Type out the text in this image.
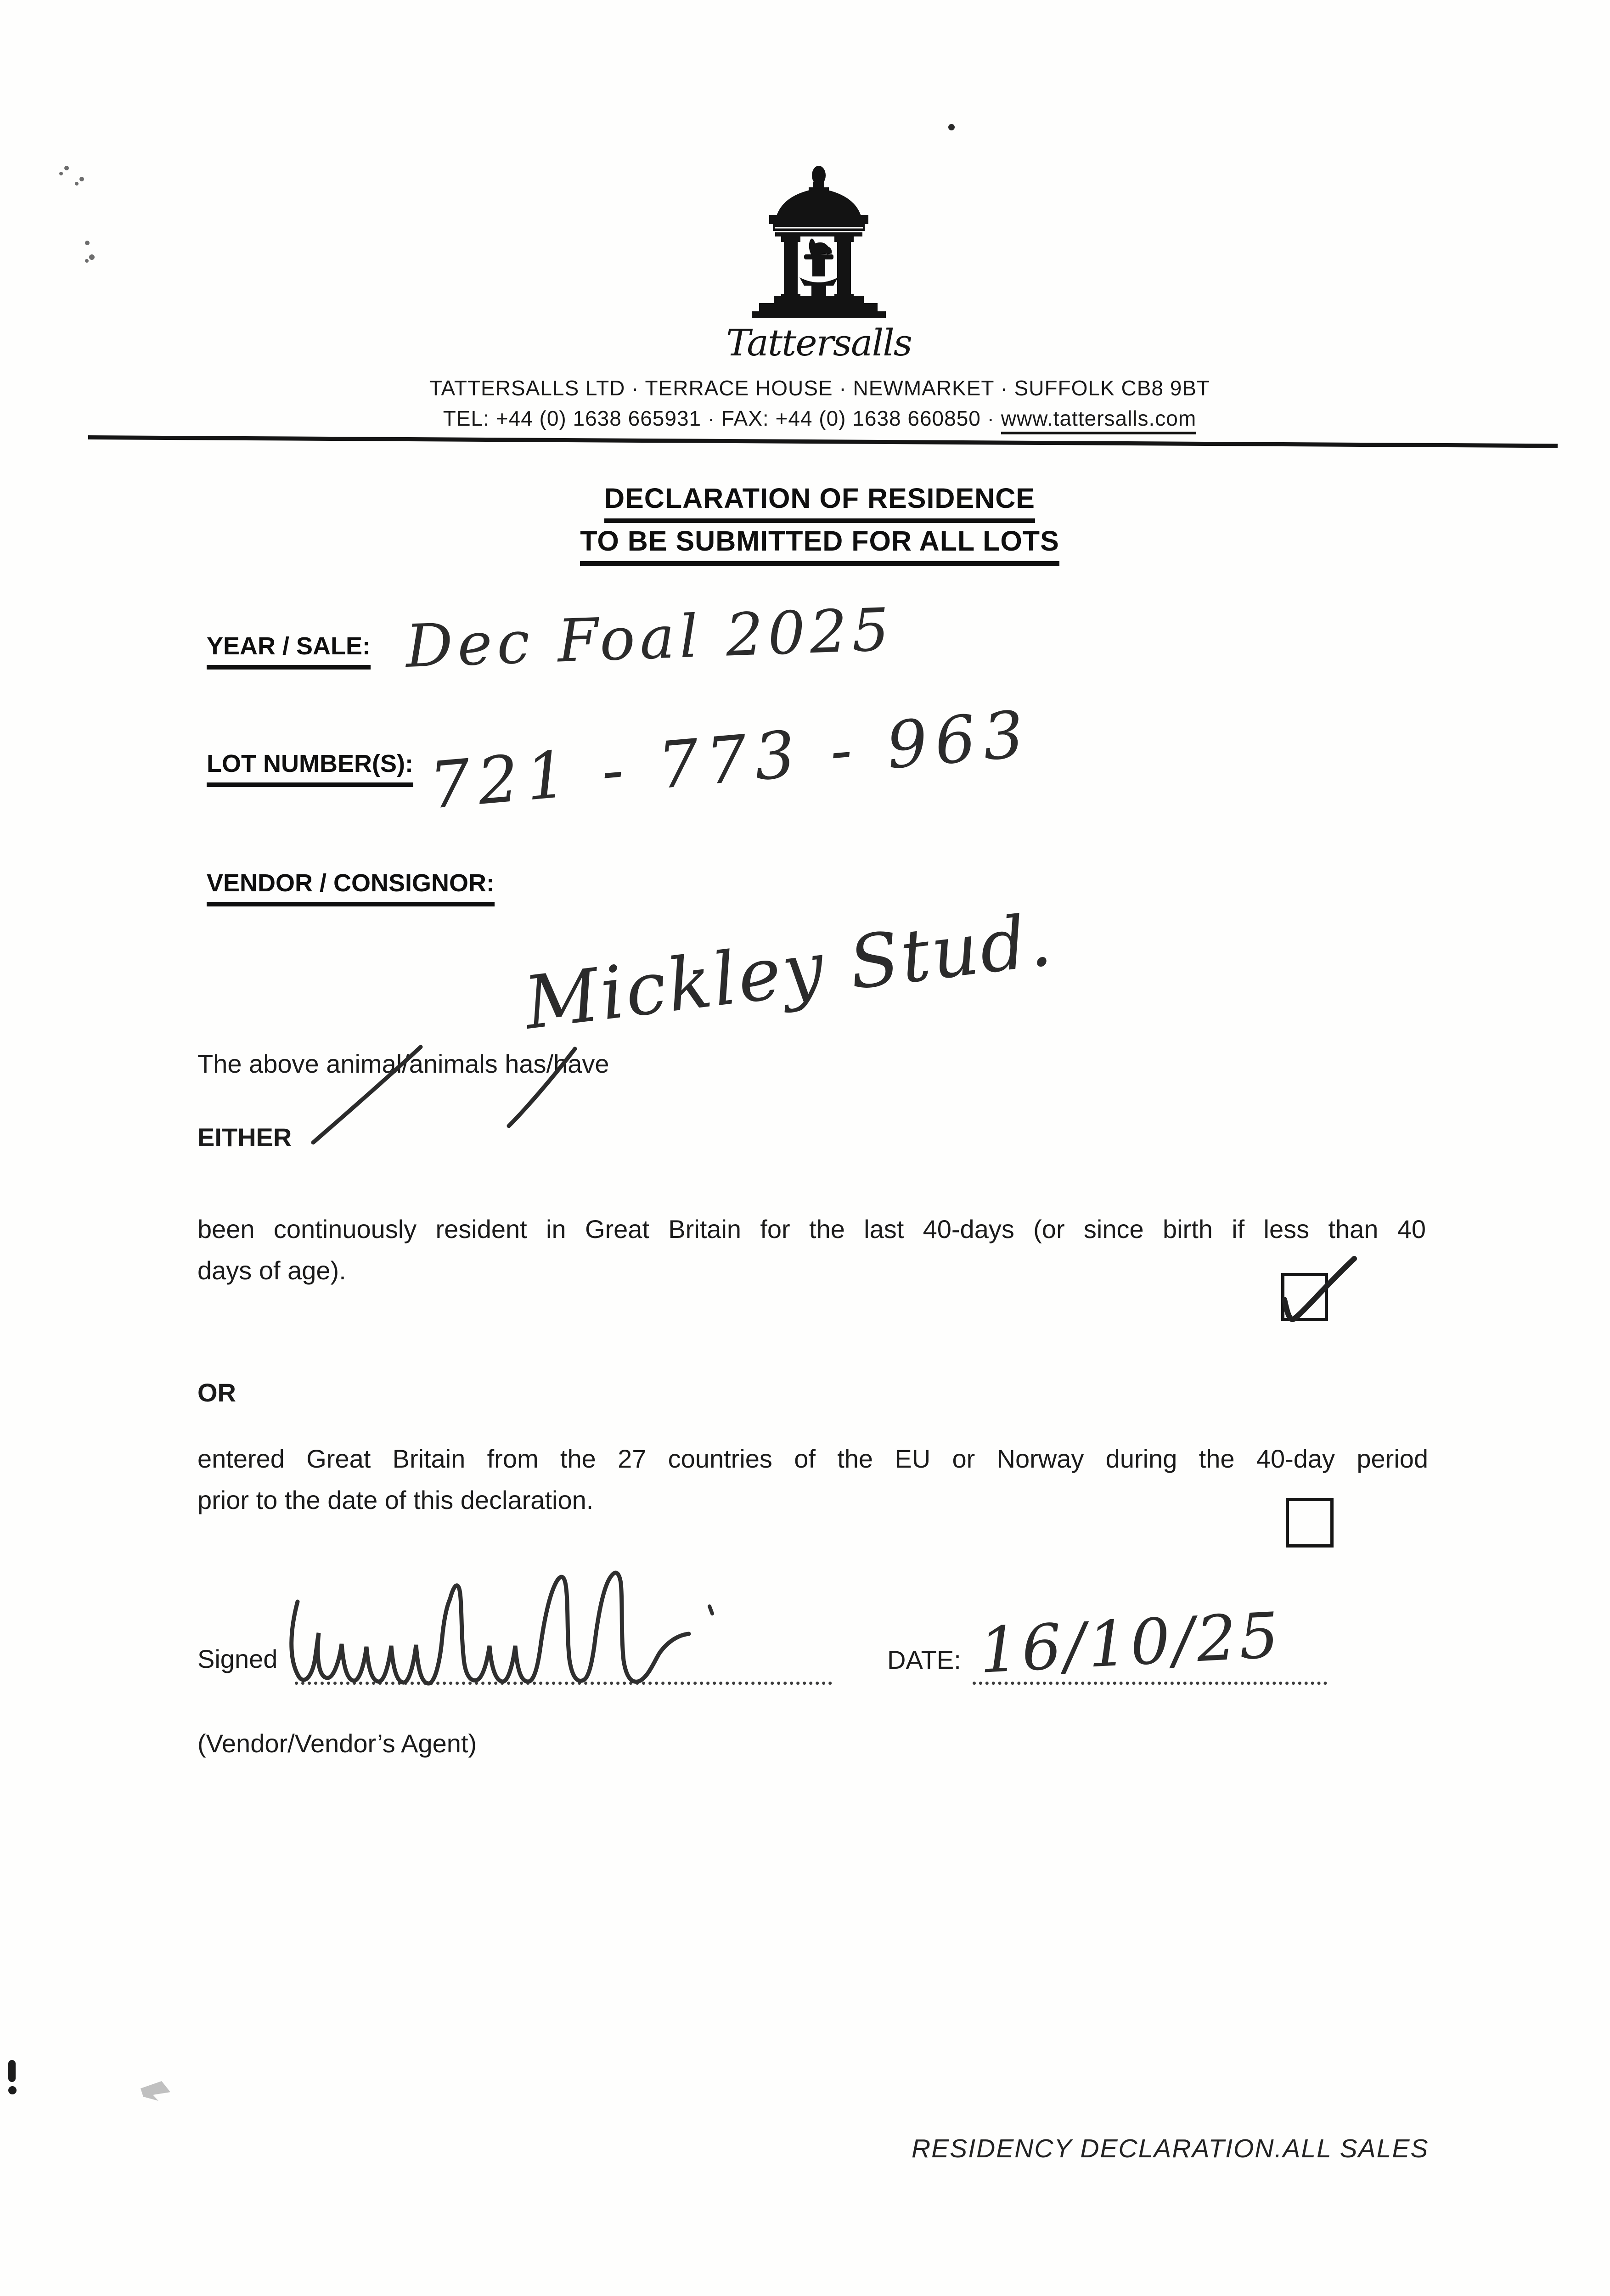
Tattersalls
TATTERSALLS LTD · TERRACE HOUSE · NEWMARKET · SUFFOLK CB8 9BT
TEL: +44 (0) 1638 665931 · FAX: +44 (0) 1638 660850 · www.tattersalls.com
DECLARATION OF RESIDENCE
TO BE SUBMITTED FOR ALL LOTS
YEAR / SALE:
LOT NUMBER(S):
VENDOR / CONSIGNOR:
The above animal/animals has/have
EITHER
been continuously resident in Great Britain for the last 40-days (or since birth if less than 40
days of age).
OR
entered Great Britain from the 27 countries of the EU or Norway during the 40-day period
prior to the date of this declaration.
Signed	DATE:
(Vendor/Vendor’s Agent)
RESIDENCY DECLARATION.ALL SALES
Dec Foal 2025
721 - 773 - 963
Mickley Stud.
16/10/25
